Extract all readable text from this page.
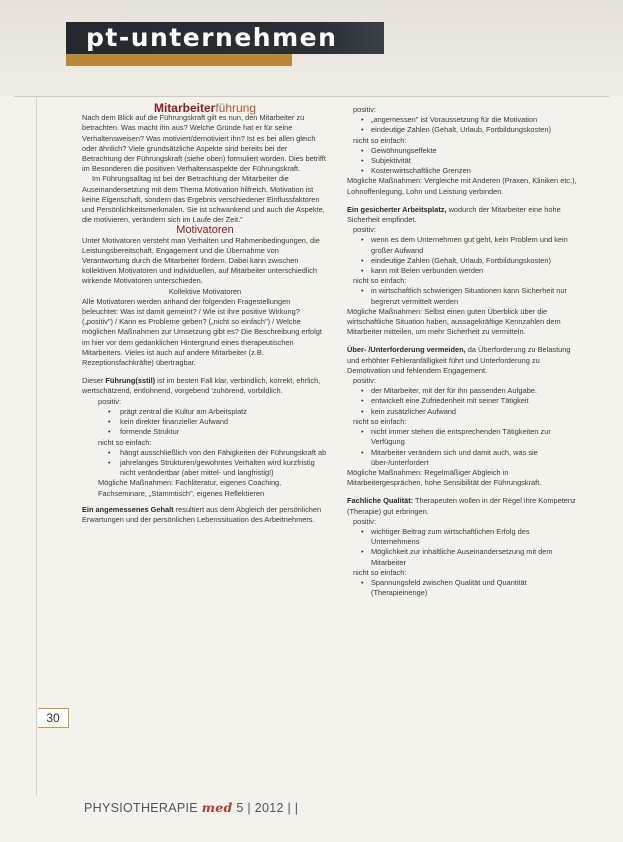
pt-unternehmen

Mitarbeiterführung

Nach dem Blick auf die Führungskraft gilt es nun, den Mitarbeiter zu betrachten. Was macht ihn aus? Welche Gründe hat er für seine Verhaltensweisen? Was motiviert/demotiviert ihn? Ist es bei allen gleich oder ähnlich? Viele grundsätzliche Aspekte sind bereits bei der Betrachtung der Führungskraft (siehe oben) formuliert worden. Dies betrifft im Besonderen die positiven Verhaltensaspekte der Führungskraft.

Im Führungsalltag ist bei der Betrachtung der Mitarbeiter die Auseinandersetzung mit dem Thema Motivation hilfreich. Motivation ist keine Eigenschaft, sondern das Ergebnis verschiedener Einflussfaktoren und Persönlichkeitsmerkmalen. Sie ist schwankend und auch die Aspekte, die motivieren, verändern sich im Laufe der Zeit."

Motivatoren

Unter Motivatoren versteht man Verhalten und Rahmenbedingungen, die Leistungsbereitschaft, Engagement und die Übernahme von Verantwortung durch die Mitarbeiter fördern. Dabei kann zwischen kollektiven Motivatoren und individuellen, auf Mitarbeiter unterschiedlich wirkende Motivatoren unterschieden.

Kollektive Motivatoren

Alle Motivatoren werden anhand der folgenden Fragestellungen beleuchtet: Was ist damit gemeint? / Wie ist ihre positive Wirkung? („positiv") / Kann es Probleme geben? („nicht so einfach") / Welche möglichen Maßnahmen zur Umsetzung gibt es? Die Beschreibung erfolgt im hier vor dem gedanklichen Hintergrund eines therapeutischen Mitarbeiters. Vieles ist auch auf andere Mitarbeiter (z.B. Rezeptionsfachkräfte) übertragbar.

Dieser Führung(sstil) ist im besten Fall klar, verbindlich, korrekt, ehrlich, wertschätzend, entlohnend, vorgebend 'zuhörend, vorbildlich.

positiv:

• prägt zentral die Kultur am Arbeitsplatz
• kein direkter finanzieller Aufwand
• formende Struktur

nicht so einfach:

• hängt ausschließlich von den Fähigkeiten der Führungskraft ab
• jahrelanges Strukturen/gewohntes Verhalten wird kurzfristig nicht verändertbar (aber mittel- und langfristig!)

Mögliche Maßnahmen: Fachliteratur, eigenes Coaching, Fachseminare, „Stammtisch", eigenes Reflektieren

Ein angemessenes Gehalt resultiert aus dem Abgleich der persönlichen Erwartungen und der persönlichen Lebenssituation des Arbeitnehmers.

positiv:

• „angemessen" ist Voraussetzung für die Motivation
• eindeutige Zahlen (Gehalt, Urlaub, Fortbildungskosten)

nicht so einfach:

• Gewöhnungseffekte
• Subjektivität
• Kostenwirtschaftliche Grenzen

Mögliche Maßnahmen: Vergleiche mit Anderen (Praxen, Kliniken etc.), Lohnoffenlegung, Lohn und Leistung verbinden.

Ein gesicherter Arbeitsplatz, wodurch der Mitarbeiter eine hohe Sicherheit empfindet.

positiv:

• wenn es dem Unternehmen gut geht, kein Problem und kein großer Aufwand
• eindeutige Zahlen (Gehalt, Urlaub, Fortbildungskosten)
• kann mit Belen verbunden werden

nicht so einfach:

• in wirtschaftlich schwierigen Situationen kann Sicherheit nur begrenzt vermittelt werden

Mögliche Maßnahmen: Selbst einen guten Überblick über die wirtschaftliche Situation haben, aussagekräftige Kennzahlen dem Mitarbeiter mitteilen, um mehr Sicherheit zu vermitteln.

Über- /Unterforderung vermeiden, da Überforderung zu Belastung und erhöhter Fehleranfälligkeit führt und Unterforderung zu Demotivation und fehlendem Engagement.

positiv:

• der Mitarbeiter, mit der für ihn passenden Aufgabe.
• entwickelt eine Zufriedenheit mit seiner Tätigkeit
• kein zusätzlicher Aufwand

nicht so einfach:

• nicht immer stehen die entsprechenden Tätigkeiten zur Verfügung
• Mitarbeiter verändern sich und damit auch, was sie über-/unterfordert

Mögliche Maßnahmen: Regelmäßiger Abgleich in Mitarbeitergesprächen, hohe Sensibilität der Führungskraft.

Fachliche Qualität: Therapeuten wollen in der Regel ihre Kompetenz (Therapie) gut erbringen.

positiv:

• wichtiger Beitrag zum wirtschaftlichen Erfolg des Unternehmens
• Möglichkeit zur inhaltliche Auseinandersetzung mit dem Mitarbeiter

nicht so einfach:

• Spannungsfeld zwischen Qualität und Quantität (Therapieinenge)
30
PHYSIOTHERAPIE med 5 | 2012 | |
